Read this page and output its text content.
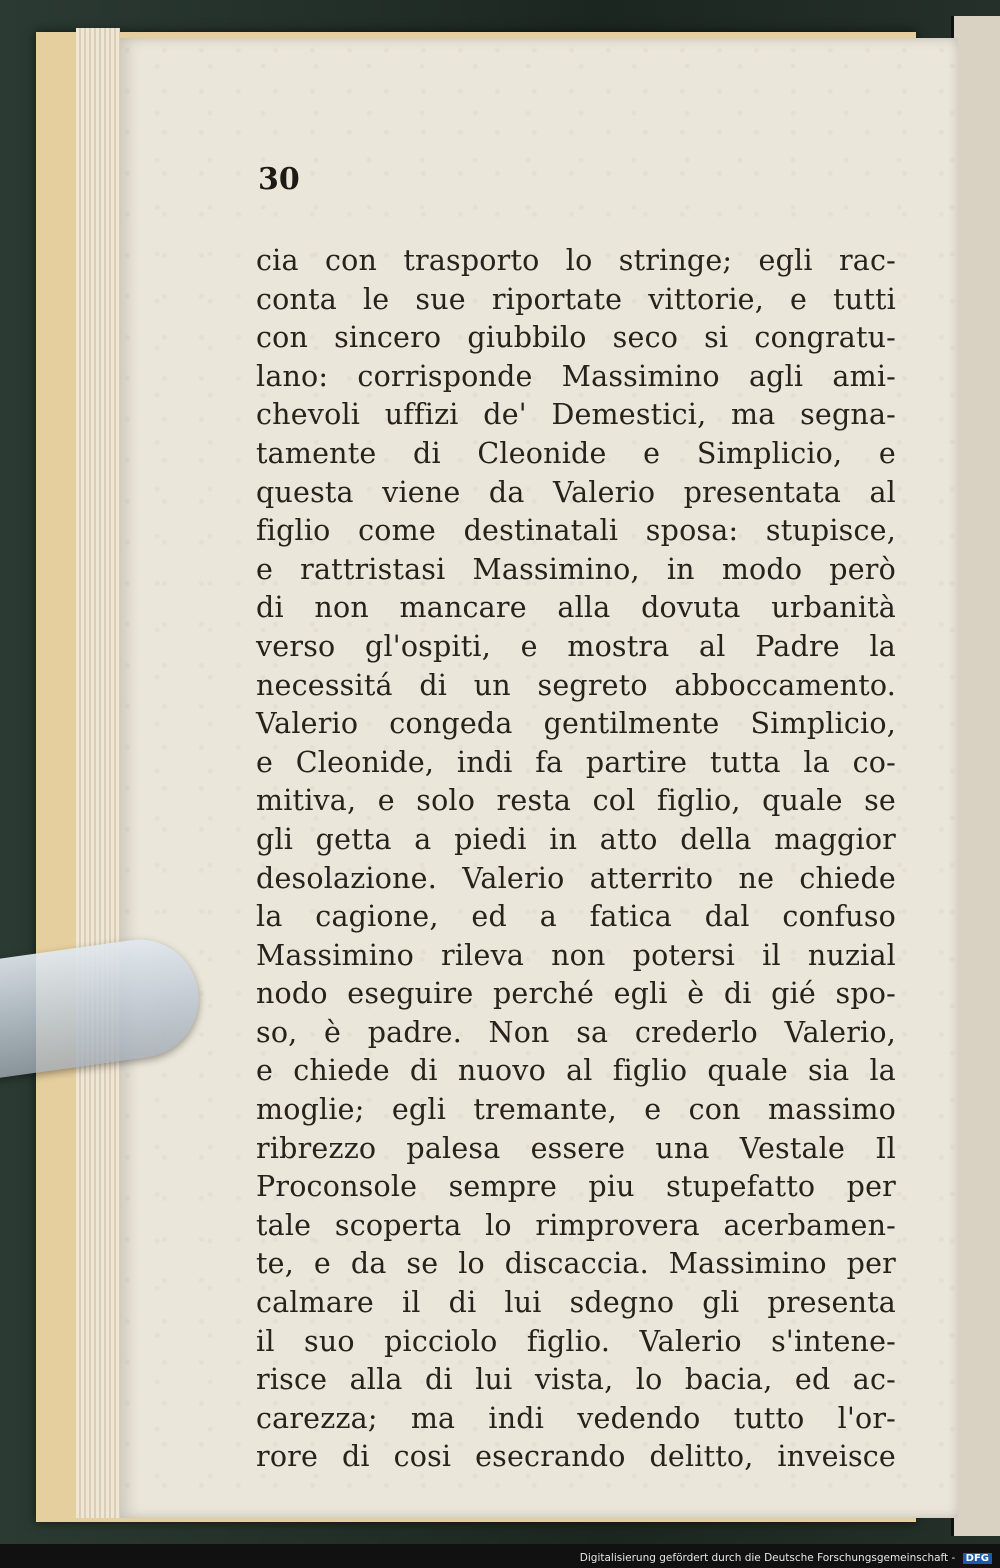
30
cia con trasporto lo stringe; egli rac-
conta le sue riportate vittorie, e tutti
con sincero giubbilo seco si congratu-
lano: corrisponde Massimino agli ami-
chevoli uffizi de' Demestici, ma segna-
tamente di Cleonide e Simplicio, e
questa viene da Valerio presentata al
figlio come destinatali sposa: stupisce,
e rattristasi Massimino, in modo però
di non mancare alla dovuta urbanità
verso gl'ospiti, e mostra al Padre la
necessitá di un segreto abboccamento.
Valerio congeda gentilmente Simplicio,
e Cleonide, indi fa partire tutta la co-
mitiva, e solo resta col figlio, quale se
gli getta a piedi in atto della maggior
desolazione. Valerio atterrito ne chiede
la cagione, ed a fatica dal confuso
Massimino rileva non potersi il nuzial
nodo eseguire perché egli è di gié spo-
so, è padre. Non sa crederlo Valerio,
e chiede di nuovo al figlio quale sia la
moglie; egli tremante, e con massimo
ribrezzo palesa essere una Vestale Il
Proconsole sempre piu stupefatto per
tale scoperta lo rimprovera acerbamen-
te, e da se lo discaccia. Massimino per
calmare il di lui sdegno gli presenta
il suo picciolo figlio. Valerio s'intene-
risce alla di lui vista, lo bacia, ed ac-
carezza; ma indi vedendo tutto l'or-
rore di cosi esecrando delitto, inveisce
Digitalisierung gefördert durch die Deutsche Forschungsgemeinschaft - DFG
